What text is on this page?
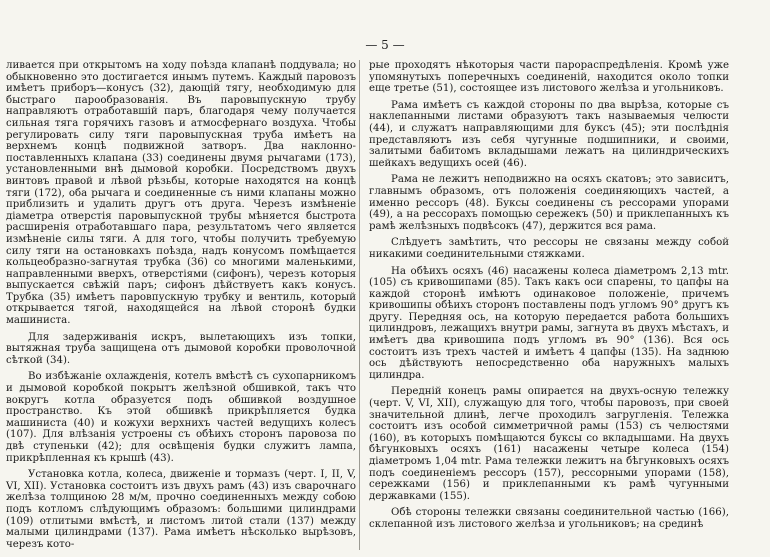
— 5 —

ливается при открытомъ на ходу поѣзда клапанѣ поддувала; но обыкновенно это достигается инымъ путемъ. Каждый паровозъ имѣетъ приборъ—конусъ (32), дающій тягу, необходимую для быстраго парообразованія. Въ паровыпускную трубу направляютъ отработавшій паръ, благодаря чему получается сильная тяга горячихъ газовъ и атмосфернаго воздуха. Чтобы регулировать силу тяги паровыпускная труба имѣетъ на верхнемъ концѣ подвижной затворъ. Два наклонно-поставленныхъ клапана (33) соединены двумя рычагами (173), установленными внѣ дымовой коробки. Посредствомъ двухъ винтовъ правой и лѣвой рѣзьбы, которые находятся на концѣ тяги (172), оба рычага и соединенные съ ними клапаны можно приблизить и удалить другъ отъ друга. Черезъ измѣненіе діаметра отверстія паровыпускной трубы мѣняется быстрота расширенія отработавшаго пара, результатомъ чего является измѣненіе силы тяги. А для того, чтобы получить требуемую силу тяги на остановкахъ поѣзда, надъ конусомъ помѣщается кольцеобразно-загнутая трубка (36) со многими маленькими, направленными вверхъ, отверстіями (сифонъ), черезъ которыя выпускается свѣжій паръ; сифонъ дѣйствуетъ какъ конусъ. Трубка (35) имѣетъ паровпускную трубку и вентиль, который открывается тягой, находящейся на лѣвой сторонѣ будки машиниста.

Для задерживанія искръ, вылетающихъ изъ топки, вытяжная труба защищена отъ дымовой коробки проволочной сѣткой (34).

Во избѣжаніе охлажденія, котелъ вмѣстѣ съ сухопарникомъ и дымовой коробкой покрытъ желѣзной обшивкой, такъ что вокругъ котла образуется подъ обшивкой воздушное пространство. Къ этой обшивкѣ прикрѣпляется будка машиниста (40) и кожухи верхнихъ частей ведущихъ колесъ (107). Для влѣзанія устроены съ обѣихъ сторонъ паровоза по двѣ ступеньки (42); для освѣщенія будки служитъ лампа, прикрѣпленная къ крышѣ (43).

Установка котла, колеса, движеніе и тормазъ (черт. I, II, V, VI, XII). Установка состоитъ изъ двухъ рамъ (43) изъ сварочнаго желѣза толщиною 28 м/м, прочно соединенныхъ между собою подъ котломъ слѣдующимъ образомъ: большими цилиндрами (109) отлитыми вмѣстѣ, и листомъ литой стали (137) между малыми цилиндрами (137). Рама имѣетъ нѣсколько вырѣзовъ, черезъ кото-

рые проходятъ нѣкоторыя части парораспредѣленія. Кромѣ уже упомянутыхъ поперечныхъ соединеній, находится около топки еще третье (51), состоящее изъ листового желѣза и угольниковъ.

Рама имѣетъ съ каждой стороны по два вырѣза, которые съ наклепанными листами образуютъ такъ называемыя челюсти (44), и служатъ направляющими для буксъ (45); эти послѣднія представляютъ изъ себя чугунные подшипники, и своими, залитыми бабитомъ вкладышами лежатъ на цилиндрическихъ шейкахъ ведущихъ осей (46).

Рама не лежитъ неподвижно на осяхъ скатовъ; это зависитъ, главнымъ образомъ, отъ положенія соединяющихъ частей, а именно рессоръ (48). Буксы соединены съ рессорами упорами (49), а на рессорахъ помощью сережекъ (50) и приклепанныхъ къ рамѣ желѣзныхъ подвѣсокъ (47), держится вся рама.

Слѣдуетъ замѣтить, что рессоры не связаны между собой никакими соединительными стяжками.

На обѣихъ осяхъ (46) насажены колеса діаметромъ 2,13 mtr. (105) съ кривошипами (85). Такъ какъ оси спарены, то цапфы на каждой сторонѣ имѣютъ одинаковое положеніе, причемъ кривошипы обѣихъ сторонъ поставлены подъ угломъ 90° другъ къ другу. Передняя ось, на которую передается работа большихъ цилиндровъ, лежащихъ внутри рамы, загнута въ двухъ мѣстахъ, и имѣетъ два кривошипа подъ угломъ въ 90° (136). Вся ось состоитъ изъ трехъ частей и имѣетъ 4 цапфы (135). На заднюю ось дѣйствуютъ непосредственно оба наружныхъ малыхъ цилиндра.

Передній конецъ рамы опирается на двухъ-осную тележку (черт. V, VI, XII), служащую для того, чтобы паровозъ, при своей значительной длинѣ, легче проходилъ загругленія. Тележка состоитъ изъ особой симметричной рамы (153) съ челюстями (160), въ которыхъ помѣщаются буксы со вкладышами. На двухъ бѣгунковыхъ осяхъ (161) насажены четыре колеса (154) діаметромъ 1,04 mtr. Рама тележки лежитъ на бѣгунковыхъ осяхъ подъ соединеніемъ рессоръ (157), рессорными упорами (158), сережками (156) и приклепанными къ рамѣ чугунными державками (155).

Обѣ стороны тележки связаны соединительной частью (166), склепанной изъ листового желѣза и угольниковъ; на срединѣ
